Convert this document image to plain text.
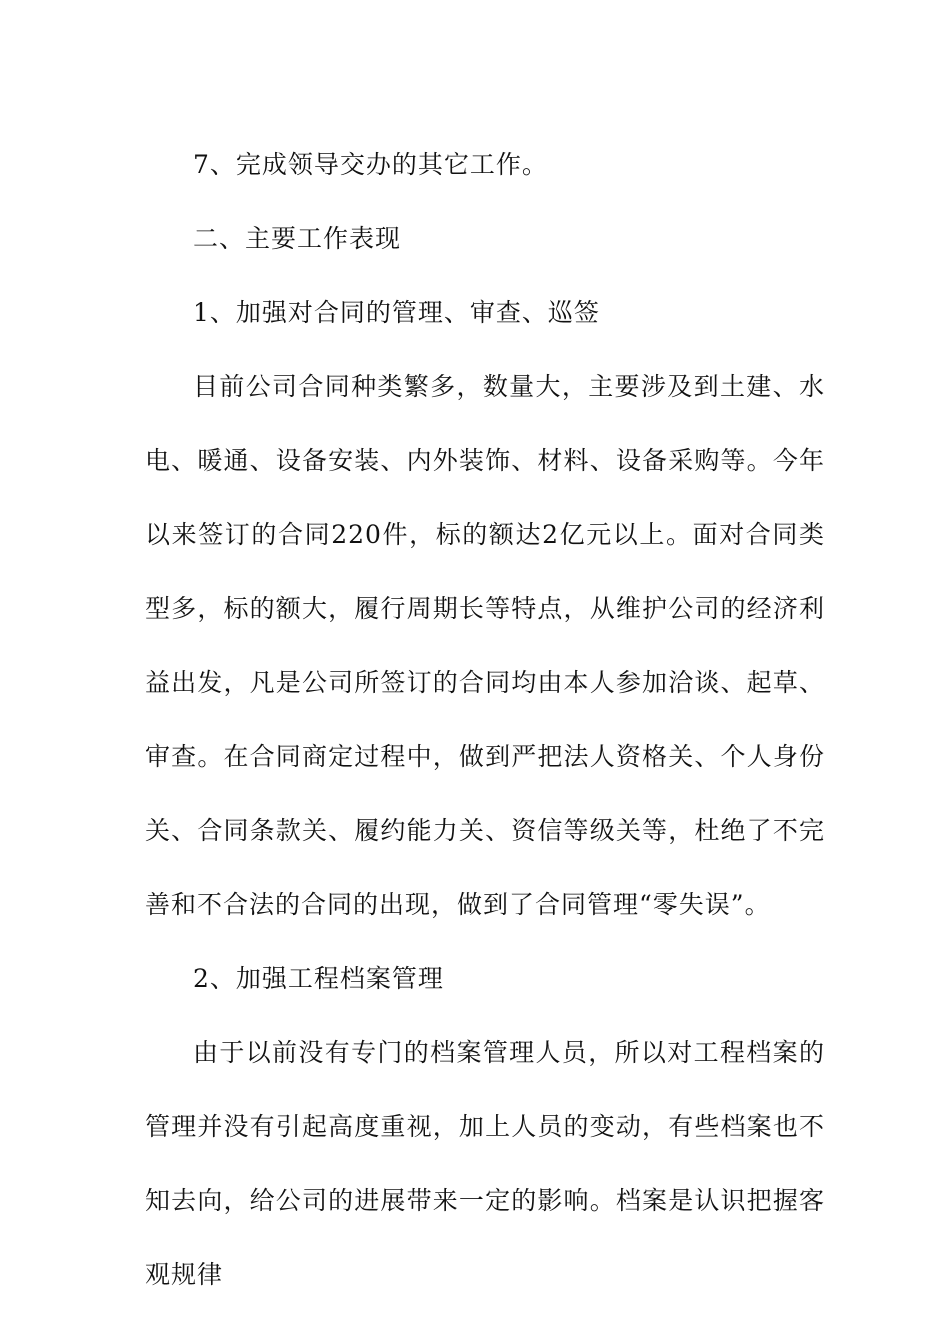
7、完成领导交办的其它工作。

二、主要工作表现

1、加强对合同的管理、审查、巡签

目前公司合同种类繁多，数量大，主要涉及到土建、水电、暖通、设备安装、内外装饰、材料、设备采购等。今年以来签订的合同220件，标的额达2亿元以上。面对合同类型多，标的额大，履行周期长等特点，从维护公司的经济利益出发，凡是公司所签订的合同均由本人参加洽谈、起草、审查。在合同商定过程中，做到严把法人资格关、个人身份关、合同条款关、履约能力关、资信等级关等，杜绝了不完善和不合法的合同的出现，做到了合同管理“零失误”。

2、加强工程档案管理

由于以前没有专门的档案管理人员，所以对工程档案的管理并没有引起高度重视，加上人员的变动，有些档案也不知去向，给公司的进展带来一定的影响。档案是认识把握客观规律
